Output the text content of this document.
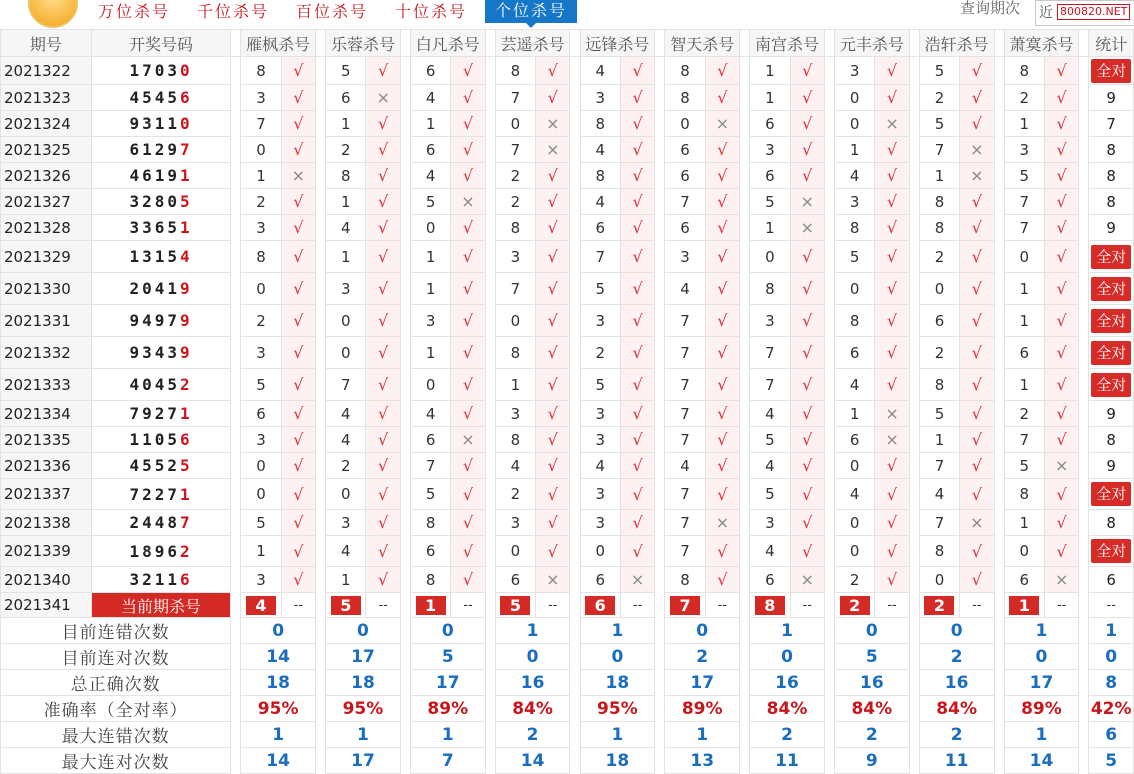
万位杀号 千位杀号 百位杀号 十位杀号	个位杀号	查询期次 近 800820.NET
期号	开奖号码		雁枫杀号			乐蓉杀号			白凡杀号			芸遥杀号			远锋杀号			智天杀号			南宫杀号			元丰杀号			浩轩杀号			萧寞杀号			统计
2021322	17030		8	√		5	√		6	√		8	√		4	√		8	√		1	√		3	√		5	√		8	√		全对
2021323	45456		3	√		6	×		4	√		7	√		3	√		8	√		1	√		0	√		2	√		2	√		9
2021324	93110		7	√		1	√		1	√		0	×		8	√		0	×		6	√		0	×		5	√		1	√		7
2021325	61297		0	√		2	√		6	√		7	×		4	√		6	√		3	√		1	√		7	×		3	√		8
2021326	46191		1	×		8	√		4	√		2	√		8	√		6	√		6	√		4	√		1	×		5	√		8
2021327	32805		2	√		1	√		5	×		2	√		4	√		7	√		5	×		3	√		8	√		7	√		8
2021328	33651		3	√		4	√		0	√		8	√		6	√		6	√		1	×		8	√		8	√		7	√		9
2021329	13154		8	√		1	√		1	√		3	√		7	√		3	√		0	√		5	√		2	√		0	√		全对
2021330	20419		0	√		3	√		1	√		7	√		5	√		4	√		8	√		0	√		0	√		1	√		全对
2021331	94979		2	√		0	√		3	√		0	√		3	√		7	√		3	√		8	√		6	√		1	√		全对
2021332	93439		3	√		0	√		1	√		8	√		2	√		7	√		7	√		6	√		2	√		6	√		全对
2021333	40452		5	√		7	√		0	√		1	√		5	√		7	√		7	√		4	√		8	√		1	√		全对
2021334	79271		6	√		4	√		4	√		3	√		3	√		7	√		4	√		1	×		5	√		2	√		9
2021335	11056		3	√		4	√		6	×		8	√		3	√		7	√		5	√		6	×		1	√		7	√		8
2021336	45525		0	√		2	√		7	√		4	√		4	√		4	√		4	√		0	√		7	√		5	×		9
2021337	72271		0	√		0	√		5	√		2	√		3	√		7	√		5	√		4	√		4	√		8	√		全对
2021338	24487		5	√		3	√		8	√		3	√		3	√		7	×		3	√		0	√		7	×		1	√		8
2021339	18962		1	√		4	√		6	√		0	√		0	√		7	√		4	√		0	√		8	√		0	√		全对
2021340	32116		3	√		1	√		8	√		6	×		6	×		8	√		6	×		2	√		0	√		6	×		6
2021341	当前期杀号		4	--		5	--		1	--		5	--		6	--		7	--		8	--		2	--		2	--		1	--		--
目前连错次数			0			0			0			1			1			0			1			0			0			1			1
目前连对次数			14			17			5			0			0			2			0			5			2			0			0
总正确次数			18			18			17			16			18			17			16			16			16			17			8
准确率（全对率）			95%			95%			89%			84%			95%			89%			84%			84%			84%			89%			42%
最大连错次数			1			1			1			2			1			1			2			2			2			1			6
最大连对次数			14			17			7			14			18			13			11			9			11			14			5
